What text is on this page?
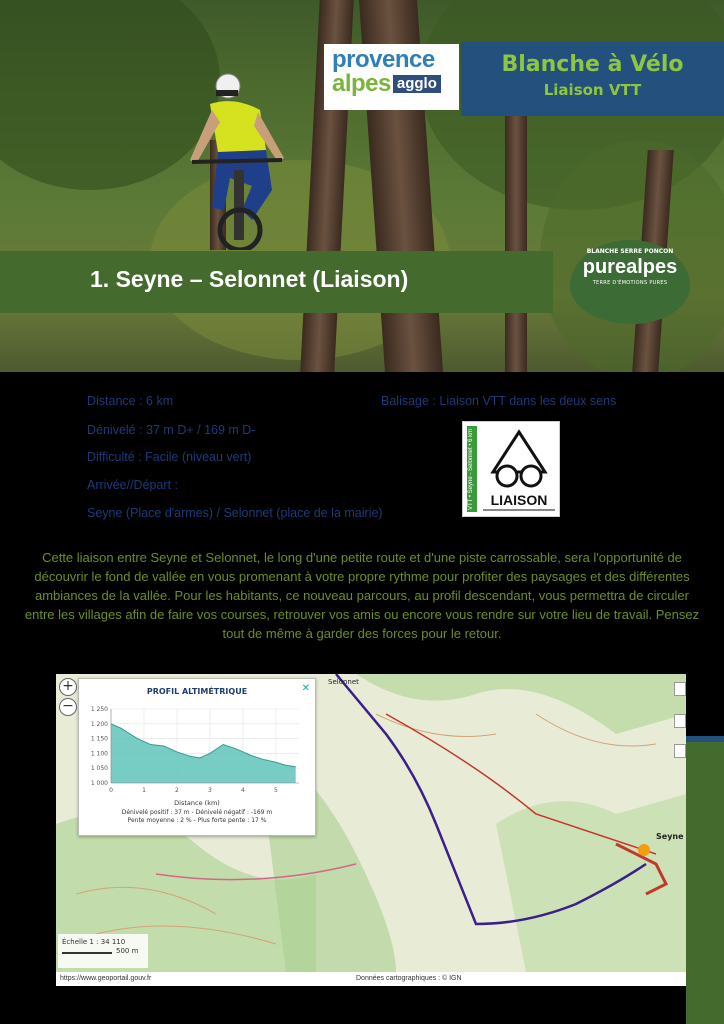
provence
alpes agglo
Blanche à Vélo
Liaison VTT
1. Seyne – Selonnet (Liaison)
BLANCHE SERRE PONCON
purealpes
TERRE D'ÉMOTIONS PURES
Distance : 6 km
Dénivelé : 37 m D+ / 169 m D-
Difficulté : Facile (niveau vert)
Arrivée//Départ :
Seyne (Place d'armes) / Selonnet (place de la mairie)
Balisage : Liaison VTT dans les deux sens
VTT • Seyne - Selonnet • 6 km	LIAISON
Cette liaison entre Seyne et Selonnet, le long d'une petite route et d'une piste carrossable, sera l'opportunité de découvrir le fond de vallée en vous promenant à votre propre rythme pour profiter des paysages et des différentes ambiances de la vallée. Pour les habitants, ce nouveau parcours, au profil descendant, vous permettra de circuler entre les villages afin de faire vos courses, retrouver vos amis ou encore vous rendre sur votre lieu de travail. Pensez tout de même à garder des forces pour le retour.
+
−
Seyne
Selonnet
PROFIL ALTIMÉTRIQUE	✕
1 000
1 050
1 100
1 150
1 200
1 250
0	1	2	3	4	5
Distance (km)
Dénivelé positif : 37 m - Dénivelé négatif : -169 m
Pente moyenne : 2 % - Plus forte pente : 17 %
Échelle 1 : 34 110
500 m
https://www.geoportail.gouv.fr	Données cartographiques : © IGN
